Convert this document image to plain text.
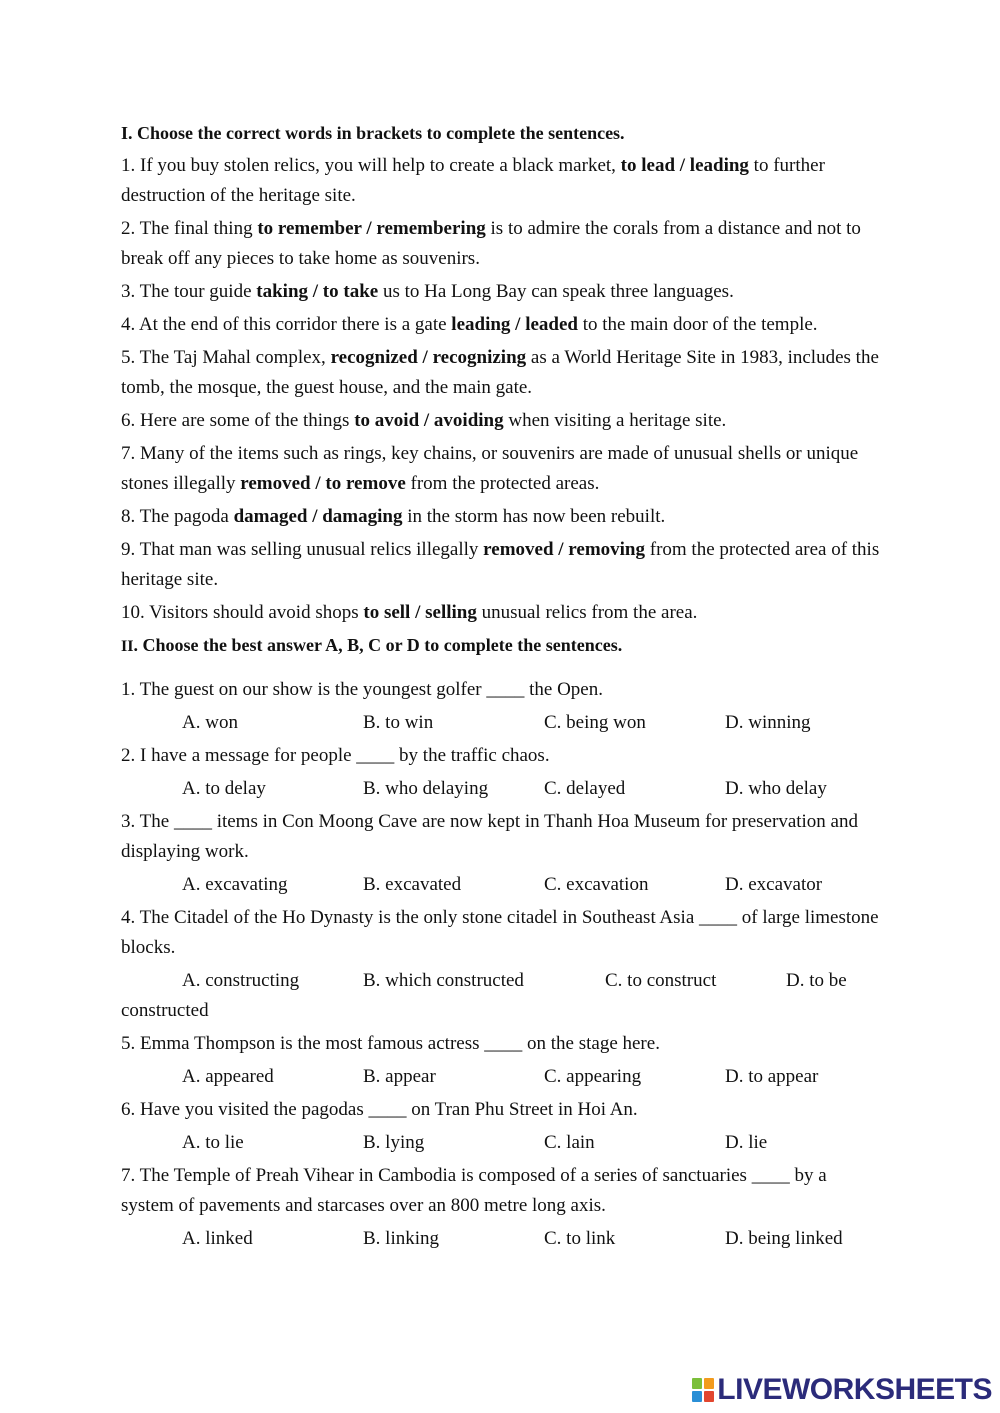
I. Choose the correct words in brackets to complete the sentences.
1. If you buy stolen relics, you will help to create a black market, to lead / leading to further destruction of the heritage site.
2. The final thing to remember / remembering is to admire the corals from a distance and not to break off any pieces to take home as souvenirs.
3. The tour guide taking / to take us to Ha Long Bay can speak three languages.
4. At the end of this corridor there is a gate leading / leaded to the main door of the temple.
5. The Taj Mahal complex, recognized / recognizing as a World Heritage Site in 1983, includes the tomb, the mosque, the guest house, and the main gate.
6. Here are some of the things to avoid / avoiding when visiting a heritage site.
7. Many of the items such as rings, key chains, or souvenirs are made of unusual shells or unique stones illegally removed / to remove from the protected areas.
8. The pagoda damaged / damaging in the storm has now been rebuilt.
9. That man was selling unusual relics illegally removed / removing from the protected area of this heritage site.
10. Visitors should avoid shops to sell / selling unusual relics from the area.
II. Choose the best answer A, B, C or D to complete the sentences.
1. The guest on our show is the youngest golfer ____ the Open.
A. won	B. to win	C. being won	D. winning
2. I have a message for people ____ by the traffic chaos.
A. to delay	B. who delaying	C. delayed	D. who delay
3. The ____ items in Con Moong Cave are now kept in Thanh Hoa Museum for preservation and displaying work.
A. excavating	B. excavated	C. excavation	D. excavator
4. The Citadel of the Ho Dynasty is the only stone citadel in Southeast Asia ____ of large limestone blocks.
A. constructing	B. which constructed	C. to construct	D. to be
constructed
5. Emma Thompson is the most famous actress ____ on the stage here.
A. appeared	B. appear	C. appearing	D. to appear
6. Have you visited the pagodas ____ on Tran Phu Street in Hoi An.
A. to lie	B. lying	C. lain	D. lie
7. The Temple of Preah Vihear in Cambodia is composed of a series of sanctuaries ____ by a system of pavements and starcases over an 800 metre long axis.
A. linked	B. linking	C. to link	D. being linked
LIVEWORKSHEETS
